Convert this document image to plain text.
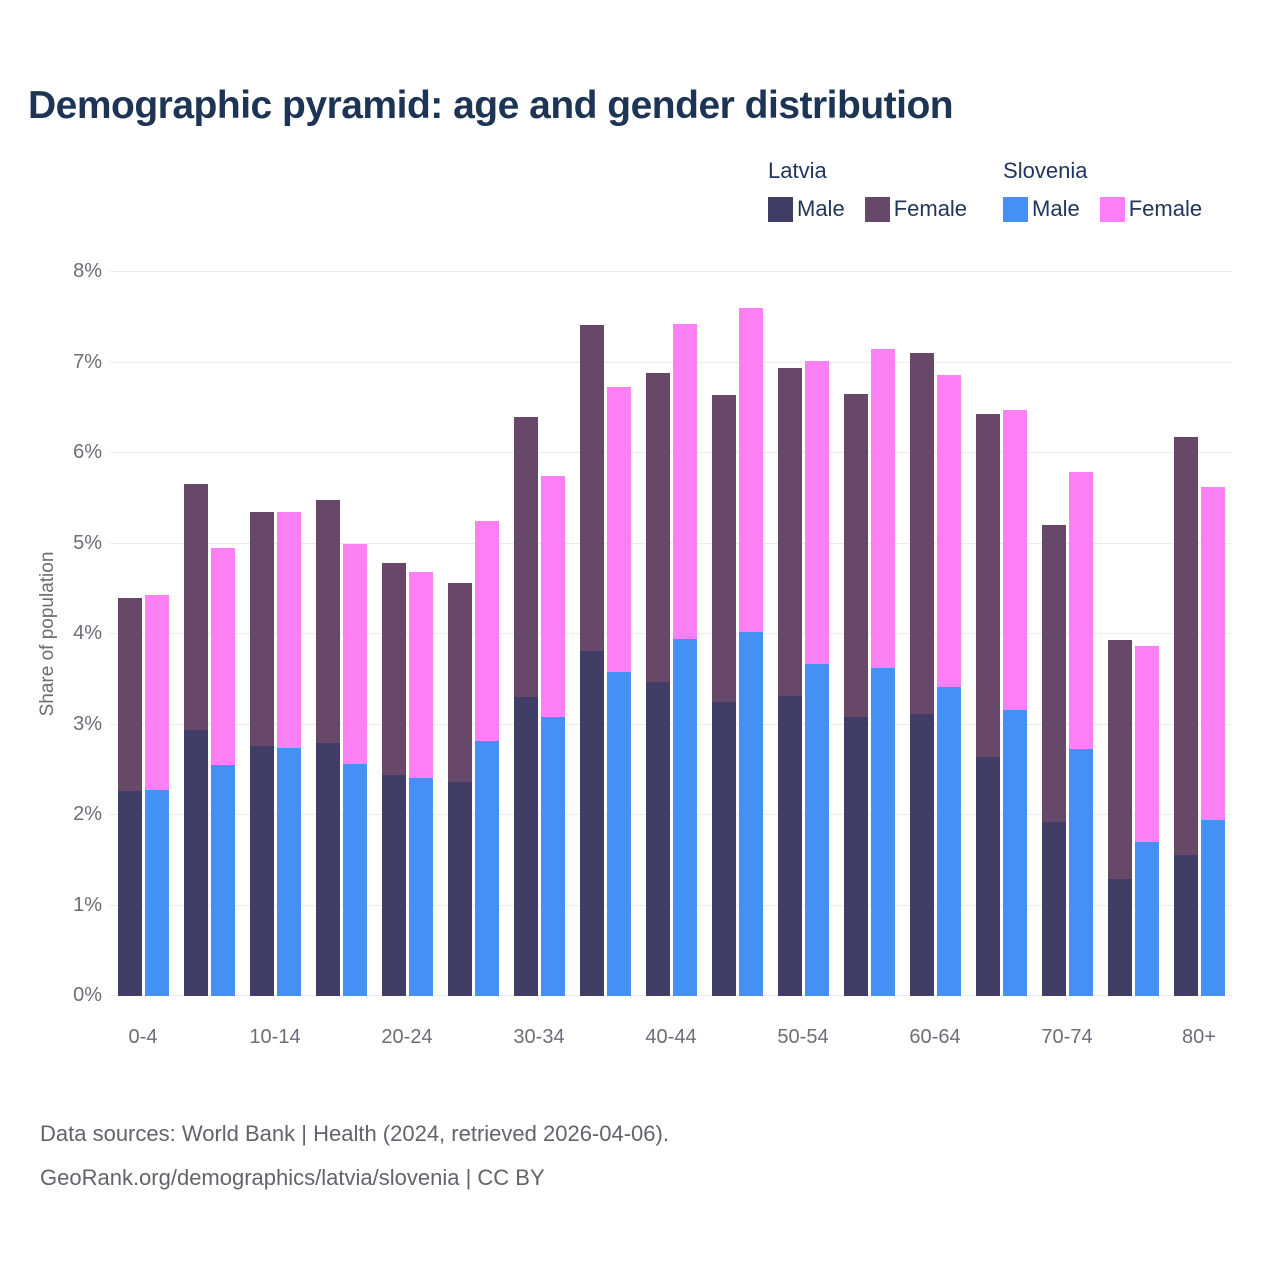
Demographic pyramid: age and gender distribution
Latvia
Male Female
Slovenia
Male Female
Share of population
0%
1%
2%
3%
4%
5%
6%
7%
8%
0-4	10-14	20-24	30-34	40-44	50-54	60-64	70-74	80+
Data sources: World Bank | Health (2024, retrieved 2026-04-06).
GeoRank.org/demographics/latvia/slovenia | CC BY
